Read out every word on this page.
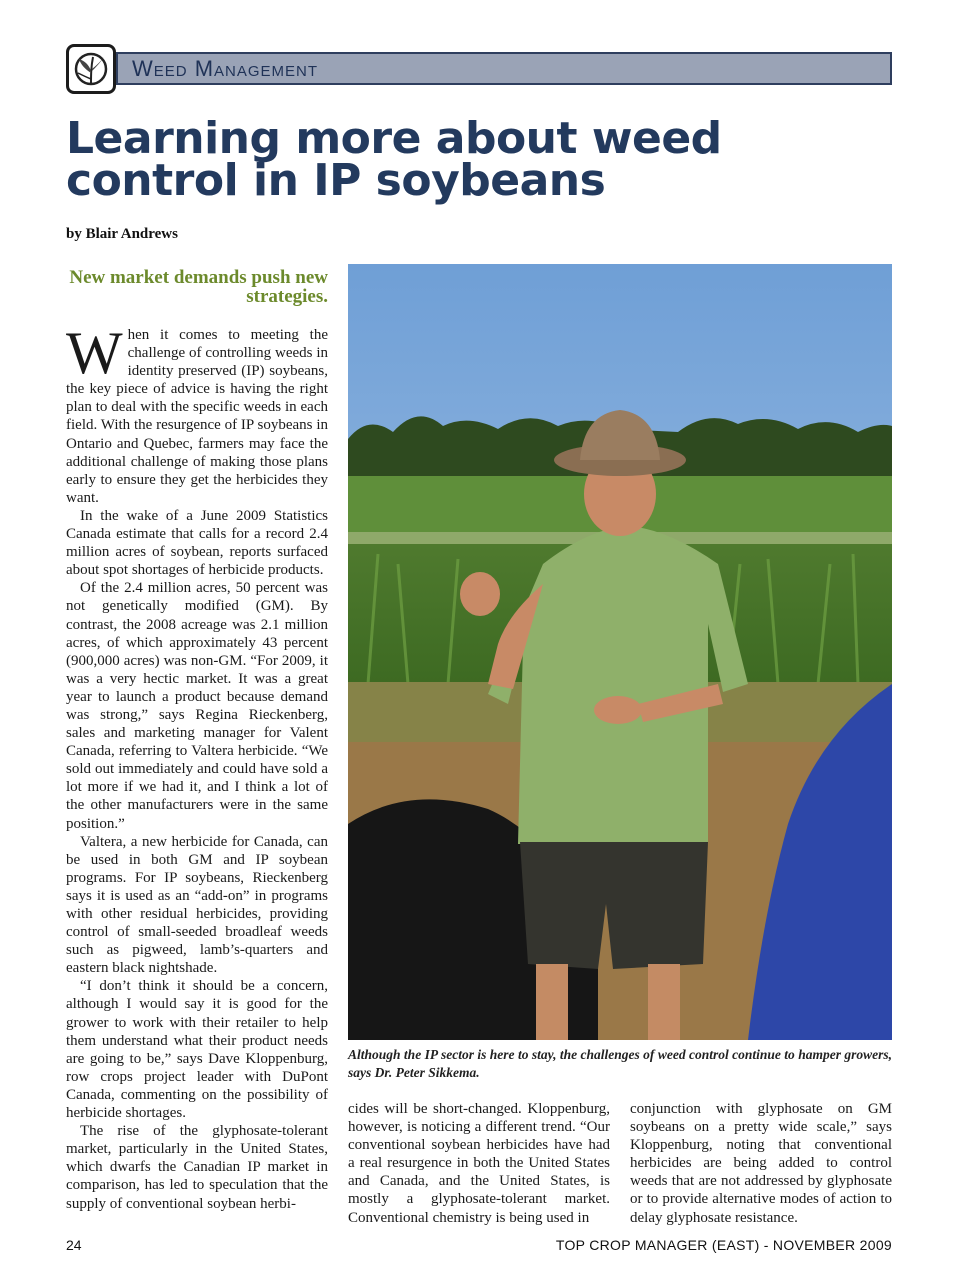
Weed Management
Learning more about weed control in IP soybeans
by Blair Andrews
New market demands push new strategies.

When it comes to meeting the challenge of controlling weeds in identity preserved (IP) soybeans, the key piece of advice is having the right plan to deal with the specific weeds in each field. With the resurgence of IP soybeans in Ontario and Quebec, farmers may face the additional challenge of making those plans early to ensure they get the herbicides they want.

In the wake of a June 2009 Statistics Canada estimate that calls for a record 2.4 million acres of soybean, reports surfaced about spot shortages of herbicide products.

Of the 2.4 million acres, 50 percent was not genetically modified (GM). By contrast, the 2008 acreage was 2.1 million acres, of which approximately 43 percent (900,000 acres) was non-GM. “For 2009, it was a very hectic market. It was a great year to launch a product because demand was strong,” says Regina Rieckenberg, sales and marketing manager for Valent Canada, referring to Valtera herbicide. “We sold out immediately and could have sold a lot more if we had it, and I think a lot of the other manufacturers were in the same position.”

Valtera, a new herbicide for Canada, can be used in both GM and IP soybean programs. For IP soybeans, Rieckenberg says it is used as an “add-on” in programs with other residual herbicides, providing control of small-seeded broadleaf weeds such as pigweed, lamb’s-quarters and eastern black nightshade.

“I don’t think it should be a concern, although I would say it is good for the grower to work with their retailer to help them understand what their product needs are going to be,” says Dave Kloppenburg, row crops project leader with DuPont Canada, commenting on the possibility of herbicide shortages.

The rise of the glyphosate-tolerant market, particularly in the United States, which dwarfs the Canadian IP market in comparison, has led to speculation that the supply of conventional soybean herbi-

Although the IP sector is here to stay, the challenges of weed control continue to hamper growers, says Dr. Peter Sikkema.

cides will be short-changed. Kloppenburg, however, is noticing a different trend. “Our conventional soybean herbicides have had a real resurgence in both the United States and Canada, and the United States, is mostly a glyphosate-tolerant market. Conventional chemistry is being used in

conjunction with glyphosate on GM soybeans on a pretty wide scale,” says Kloppenburg, noting that conventional herbicides are being added to control weeds that are not addressed by glyphosate or to provide alternative modes of action to delay glyphosate resistance.

24	TOP CROP MANAGER (EAST) - NOVEMBER 2009
